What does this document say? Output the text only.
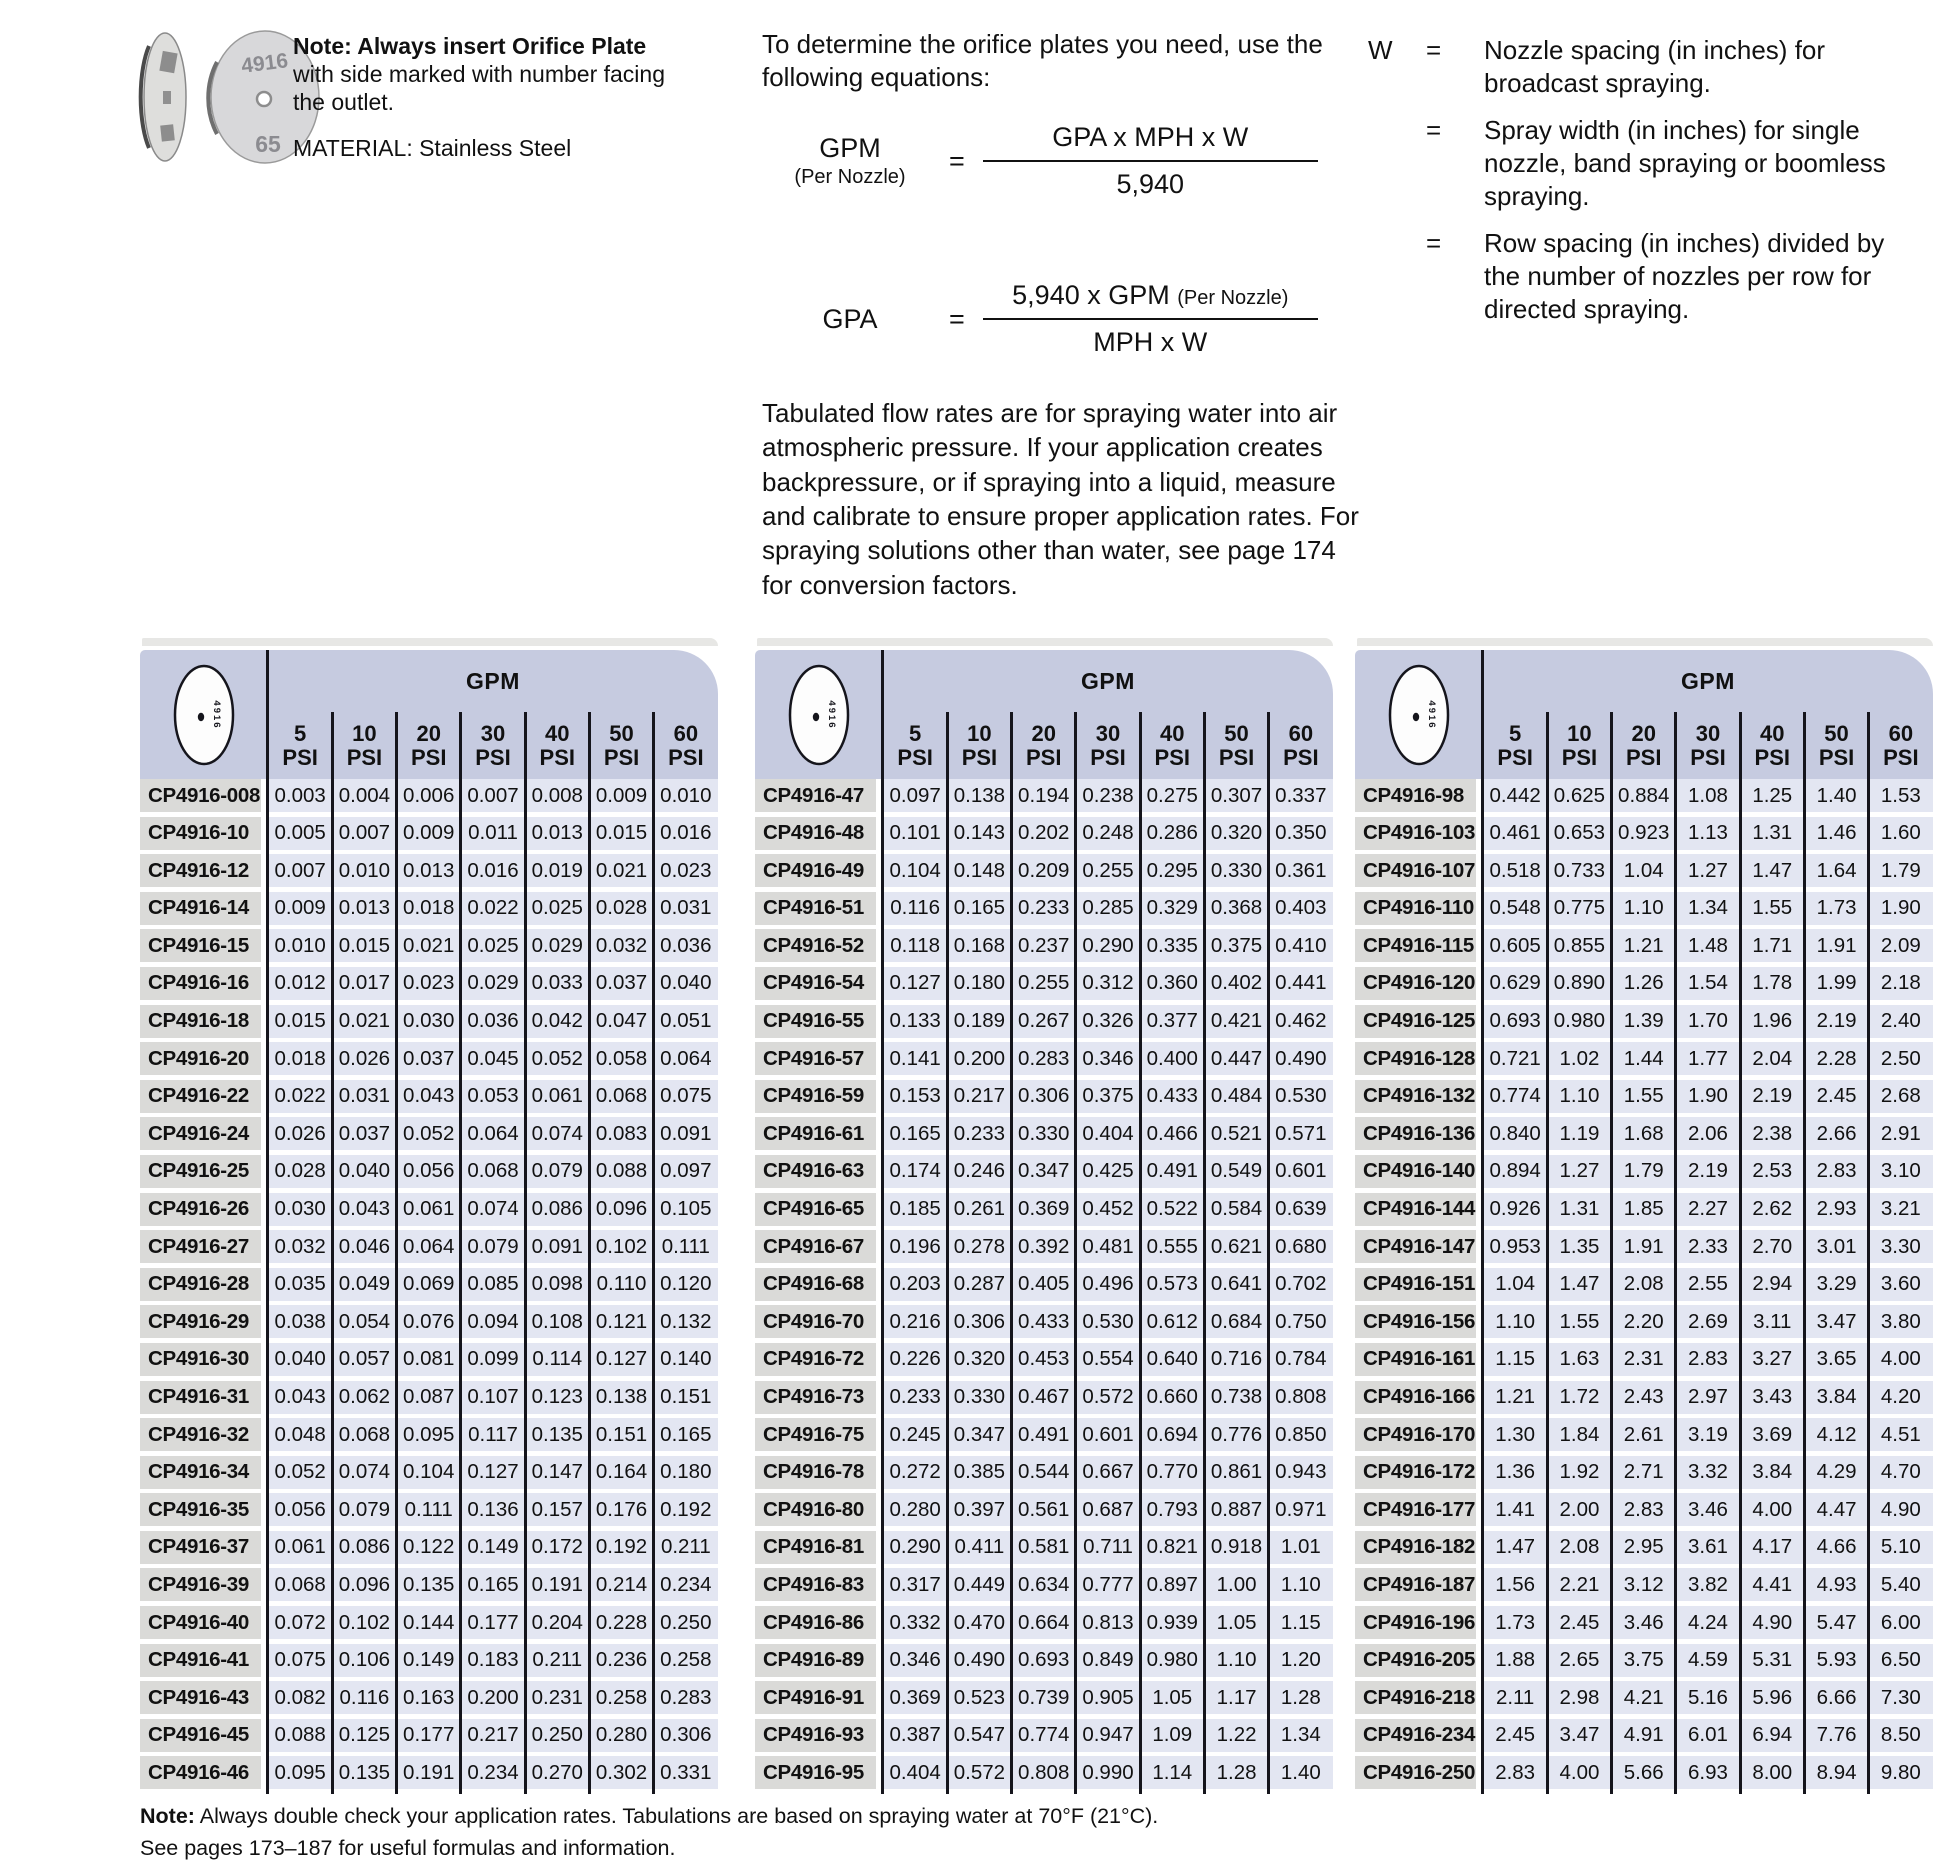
4916
65
Note: Always insert Orifice Plate with side marked with number facing the outlet.
MATERIAL: Stainless Steel
To determine the orifice plates you need, use the following equations:
GPM
(Per Nozzle)
= $\frac{\text{GPA x MPH x W}}{5,940}$
GPA	= $\frac{\text{5,940 x GPM (Per Nozzle)}}{\text{MPH x W}}$
Tabulated flow rates are for spraying water into air atmospheric pressure. If your application creates backpressure, or if spraying into a liquid, measure and calibrate to ensure proper application rates. For spraying solutions other than water, see page 174 for conversion factors.
W	=	Nozzle spacing (in inches) for broadcast spraying.
=	Spray width (in inches) for single nozzle, band spraying or boomless spraying.
=	Row spacing (in inches) divided by the number of nozzles per row for directed spraying.
4916
GPM
5
PSI
10
PSI
20
PSI
30
PSI
40
PSI
50
PSI
60
PSI
CP4916-008 0.003 0.004 0.006 0.007 0.008 0.009 0.010
CP4916-10	0.005 0.007 0.009 0.011 0.013 0.015 0.016
CP4916-12	0.007 0.010 0.013 0.016 0.019 0.021 0.023
CP4916-14	0.009 0.013 0.018 0.022 0.025 0.028 0.031
CP4916-15	0.010 0.015 0.021 0.025 0.029 0.032 0.036
CP4916-16	0.012 0.017 0.023 0.029 0.033 0.037 0.040
CP4916-18	0.015 0.021 0.030 0.036 0.042 0.047 0.051
CP4916-20	0.018 0.026 0.037 0.045 0.052 0.058 0.064
CP4916-22	0.022 0.031 0.043 0.053 0.061 0.068 0.075
CP4916-24	0.026 0.037 0.052 0.064 0.074 0.083 0.091
CP4916-25	0.028 0.040 0.056 0.068 0.079 0.088 0.097
CP4916-26	0.030 0.043 0.061 0.074 0.086 0.096 0.105
CP4916-27	0.032 0.046 0.064 0.079 0.091 0.102 0.111
CP4916-28	0.035 0.049 0.069 0.085 0.098 0.110 0.120
CP4916-29	0.038 0.054 0.076 0.094 0.108 0.121 0.132
CP4916-30	0.040 0.057 0.081 0.099 0.114 0.127 0.140
CP4916-31	0.043 0.062 0.087 0.107 0.123 0.138 0.151
CP4916-32	0.048 0.068 0.095 0.117 0.135 0.151 0.165
CP4916-34	0.052 0.074 0.104 0.127 0.147 0.164 0.180
CP4916-35	0.056 0.079 0.111 0.136 0.157 0.176 0.192
CP4916-37	0.061 0.086 0.122 0.149 0.172 0.192 0.211
CP4916-39	0.068 0.096 0.135 0.165 0.191 0.214 0.234
CP4916-40	0.072 0.102 0.144 0.177 0.204 0.228 0.250
CP4916-41	0.075 0.106 0.149 0.183 0.211 0.236 0.258
CP4916-43	0.082 0.116 0.163 0.200 0.231 0.258 0.283
CP4916-45	0.088 0.125 0.177 0.217 0.250 0.280 0.306
CP4916-46	0.095 0.135 0.191 0.234 0.270 0.302 0.331
4916
GPM
5
PSI
10
PSI
20
PSI
30
PSI
40
PSI
50
PSI
60
PSI
CP4916-47	0.097 0.138 0.194 0.238 0.275 0.307 0.337
CP4916-48	0.101 0.143 0.202 0.248 0.286 0.320 0.350
CP4916-49	0.104 0.148 0.209 0.255 0.295 0.330 0.361
CP4916-51	0.116 0.165 0.233 0.285 0.329 0.368 0.403
CP4916-52	0.118 0.168 0.237 0.290 0.335 0.375 0.410
CP4916-54	0.127 0.180 0.255 0.312 0.360 0.402 0.441
CP4916-55	0.133 0.189 0.267 0.326 0.377 0.421 0.462
CP4916-57	0.141 0.200 0.283 0.346 0.400 0.447 0.490
CP4916-59	0.153 0.217 0.306 0.375 0.433 0.484 0.530
CP4916-61	0.165 0.233 0.330 0.404 0.466 0.521 0.571
CP4916-63	0.174 0.246 0.347 0.425 0.491 0.549 0.601
CP4916-65	0.185 0.261 0.369 0.452 0.522 0.584 0.639
CP4916-67	0.196 0.278 0.392 0.481 0.555 0.621 0.680
CP4916-68	0.203 0.287 0.405 0.496 0.573 0.641 0.702
CP4916-70	0.216 0.306 0.433 0.530 0.612 0.684 0.750
CP4916-72	0.226 0.320 0.453 0.554 0.640 0.716 0.784
CP4916-73	0.233 0.330 0.467 0.572 0.660 0.738 0.808
CP4916-75	0.245 0.347 0.491 0.601 0.694 0.776 0.850
CP4916-78	0.272 0.385 0.544 0.667 0.770 0.861 0.943
CP4916-80	0.280 0.397 0.561 0.687 0.793 0.887 0.971
CP4916-81	0.290 0.411 0.581 0.711 0.821 0.918 1.01
CP4916-83	0.317 0.449 0.634 0.777 0.897 1.00	1.10
CP4916-86	0.332 0.470 0.664 0.813 0.939 1.05	1.15
CP4916-89	0.346 0.490 0.693 0.849 0.980 1.10	1.20
CP4916-91	0.369 0.523 0.739 0.905 1.05	1.17	1.28
CP4916-93	0.387 0.547 0.774 0.947 1.09	1.22	1.34
CP4916-95	0.404 0.572 0.808 0.990 1.14	1.28	1.40
4916
GPM
5
PSI
10
PSI
20
PSI
30
PSI
40
PSI
50
PSI
60
PSI
CP4916-98	0.442 0.625 0.884 1.08	1.25	1.40	1.53
CP4916-103 0.461 0.653 0.923 1.13	1.31	1.46	1.60
CP4916-107 0.518 0.733 1.04	1.27	1.47	1.64	1.79
CP4916-110 0.548 0.775 1.10	1.34	1.55	1.73	1.90
CP4916-115 0.605 0.855 1.21	1.48	1.71	1.91	2.09
CP4916-120 0.629 0.890 1.26	1.54	1.78	1.99	2.18
CP4916-125 0.693 0.980 1.39	1.70	1.96	2.19	2.40
CP4916-128 0.721 1.02	1.44	1.77	2.04	2.28	2.50
CP4916-132 0.774 1.10	1.55	1.90	2.19	2.45	2.68
CP4916-136 0.840 1.19	1.68	2.06	2.38	2.66	2.91
CP4916-140 0.894 1.27	1.79	2.19	2.53	2.83	3.10
CP4916-144 0.926 1.31	1.85	2.27	2.62	2.93	3.21
CP4916-147 0.953 1.35	1.91	2.33	2.70	3.01	3.30
CP4916-151 1.04	1.47	2.08	2.55	2.94	3.29	3.60
CP4916-156 1.10	1.55	2.20	2.69	3.11	3.47	3.80
CP4916-161 1.15	1.63	2.31	2.83	3.27	3.65	4.00
CP4916-166 1.21	1.72	2.43	2.97	3.43	3.84	4.20
CP4916-170 1.30	1.84	2.61	3.19	3.69	4.12	4.51
CP4916-172 1.36	1.92	2.71	3.32	3.84	4.29	4.70
CP4916-177 1.41	2.00	2.83	3.46	4.00	4.47	4.90
CP4916-182 1.47	2.08	2.95	3.61	4.17	4.66	5.10
CP4916-187 1.56	2.21	3.12	3.82	4.41	4.93	5.40
CP4916-196 1.73	2.45	3.46	4.24	4.90	5.47	6.00
CP4916-205 1.88	2.65	3.75	4.59	5.31	5.93	6.50
CP4916-218	2.11	2.98	4.21	5.16	5.96	6.66	7.30
CP4916-234 2.45	3.47	4.91	6.01	6.94	7.76	8.50
CP4916-250 2.83	4.00	5.66	6.93	8.00	8.94	9.80
Note: Always double check your application rates. Tabulations are based on spraying water at 70°F (21°C).
See pages 173–187 for useful formulas and information.
